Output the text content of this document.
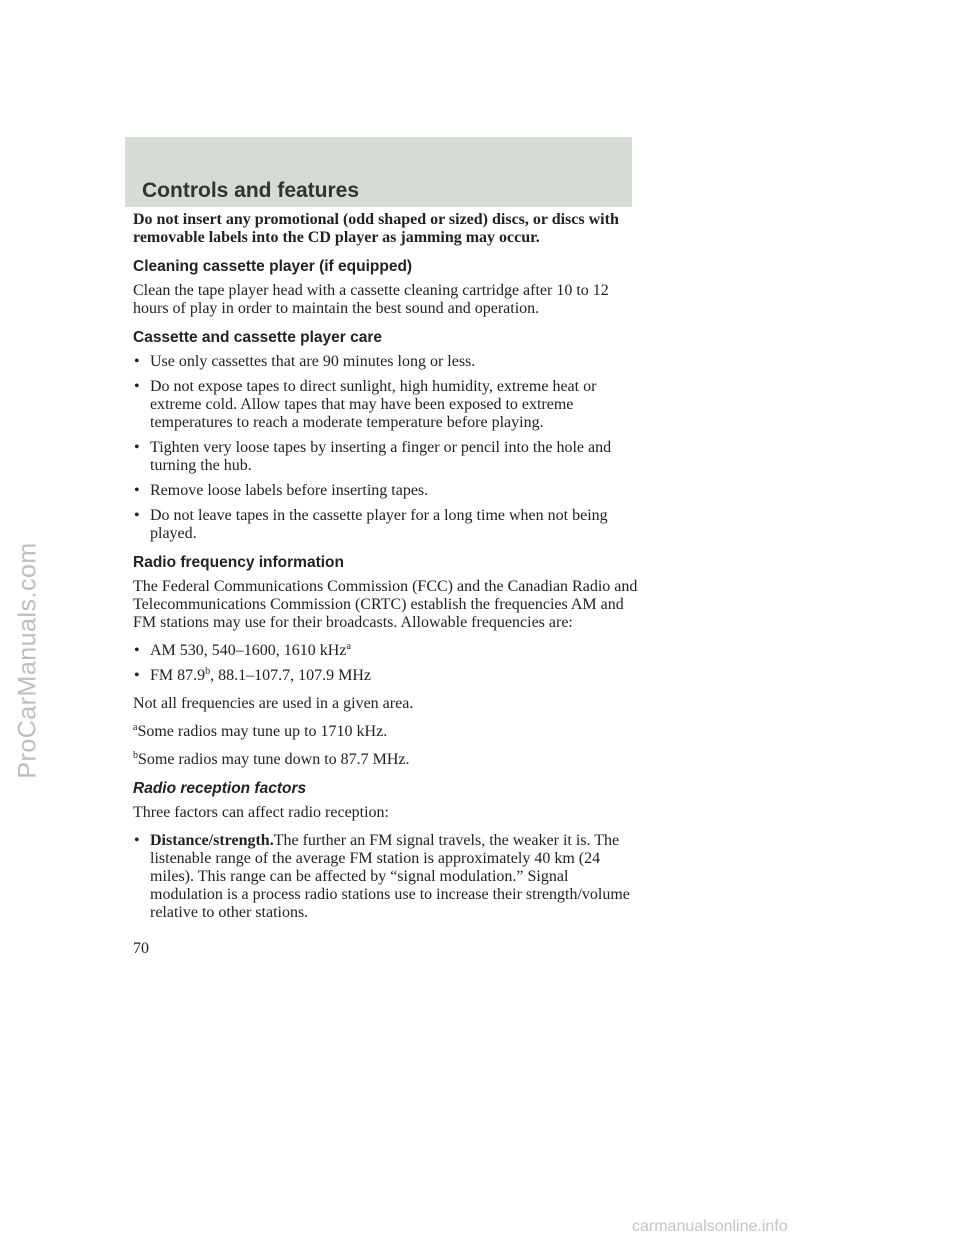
ProCarManuals.com
Controls and features

Do not insert any promotional (odd shaped or sized) discs, or discs with removable labels into the CD player as jamming may occur.

Cleaning cassette player (if equipped)

Clean the tape player head with a cassette cleaning cartridge after 10 to 12 hours of play in order to maintain the best sound and operation.

Cassette and cassette player care
• Use only cassettes that are 90 minutes long or less.
• Do not expose tapes to direct sunlight, high humidity, extreme heat or extreme cold. Allow tapes that may have been exposed to extreme temperatures to reach a moderate temperature before playing.
• Tighten very loose tapes by inserting a finger or pencil into the hole and turning the hub.
• Remove loose labels before inserting tapes.
• Do not leave tapes in the cassette player for a long time when not being played.
Radio frequency information

The Federal Communications Commission (FCC) and the Canadian Radio and Telecommunications Commission (CRTC) establish the frequencies AM and FM stations may use for their broadcasts. Allowable frequencies are:

• AM 530, 540–1600, 1610 kHz$^a$
• FM 87.9$^b$, 88.1–107.7, 107.9 MHz

Not all frequencies are used in a given area.

$^a$Some radios may tune up to 1710 kHz.

$^b$Some radios may tune down to 87.7 MHz.

Radio reception factors

Three factors can affect radio reception:

• Distance/strength.The further an FM signal travels, the weaker it is. The listenable range of the average FM station is approximately 40 km (24 miles). This range can be affected by “signal modulation.” Signal modulation is a process radio stations use to increase their strength/volume relative to other stations.
70
carmanualsonline.info
